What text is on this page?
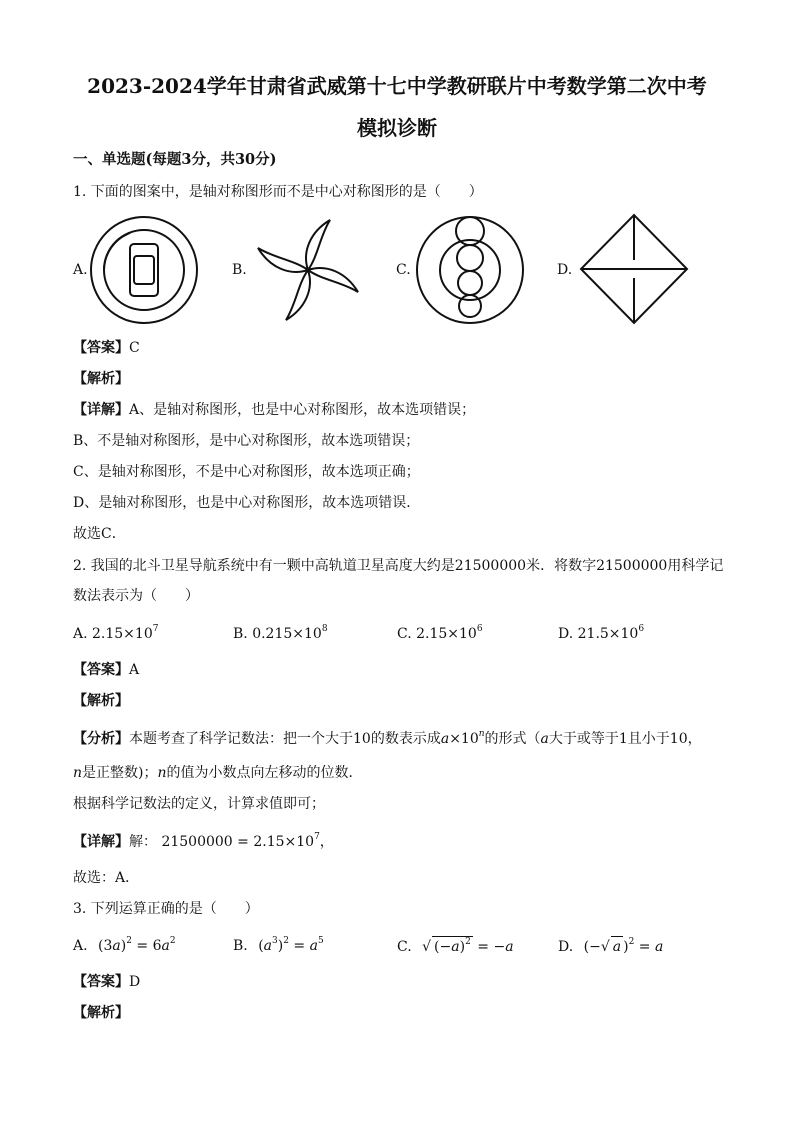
2023-2024学年甘肃省武威第十七中学教研联片中考数学第二次中考
模拟诊断
一、单选题(每题3分，共30分)
1. 下面的图案中，是轴对称图形而不是中心对称图形的是（　　）
A.	B.	C.	D.
【答案】C
【解析】
【详解】A、是轴对称图形，也是中心对称图形，故本选项错误；
B、不是轴对称图形，是中心对称图形，故本选项错误；
C、是轴对称图形，不是中心对称图形，故本选项正确；
D、是轴对称图形，也是中心对称图形，故本选项错误．
故选C．
2. 我国的北斗卫星导航系统中有一颗中高轨道卫星高度大约是21500000米．将数字21500000用科学记
数法表示为（　　）
A. $2.15\times 10^7$	B. $0.215\times 10^8$	C. $2.15\times 10^6$	D. $21.5\times 10^6$
【答案】A
【解析】
【分析】本题考查了科学记数法：把一个大于10的数表示成$a\times 10^n$的形式（a大于或等于1且小于10，
n是正整数)；n的值为小数点向左移动的位数．
根据科学记数法的定义，计算求值即可；
【详解】解： $21500000 = 2.15\times 10^7$，
故选：A．
3. 下列运算正确的是（　　）
A. $(3a)^2 = 6a^2$	B. $(a^3)^2 = a^5$	C. √ $(-a)^2 = -a$	D. (−√ a )$^2$ = a
【答案】D
【解析】
